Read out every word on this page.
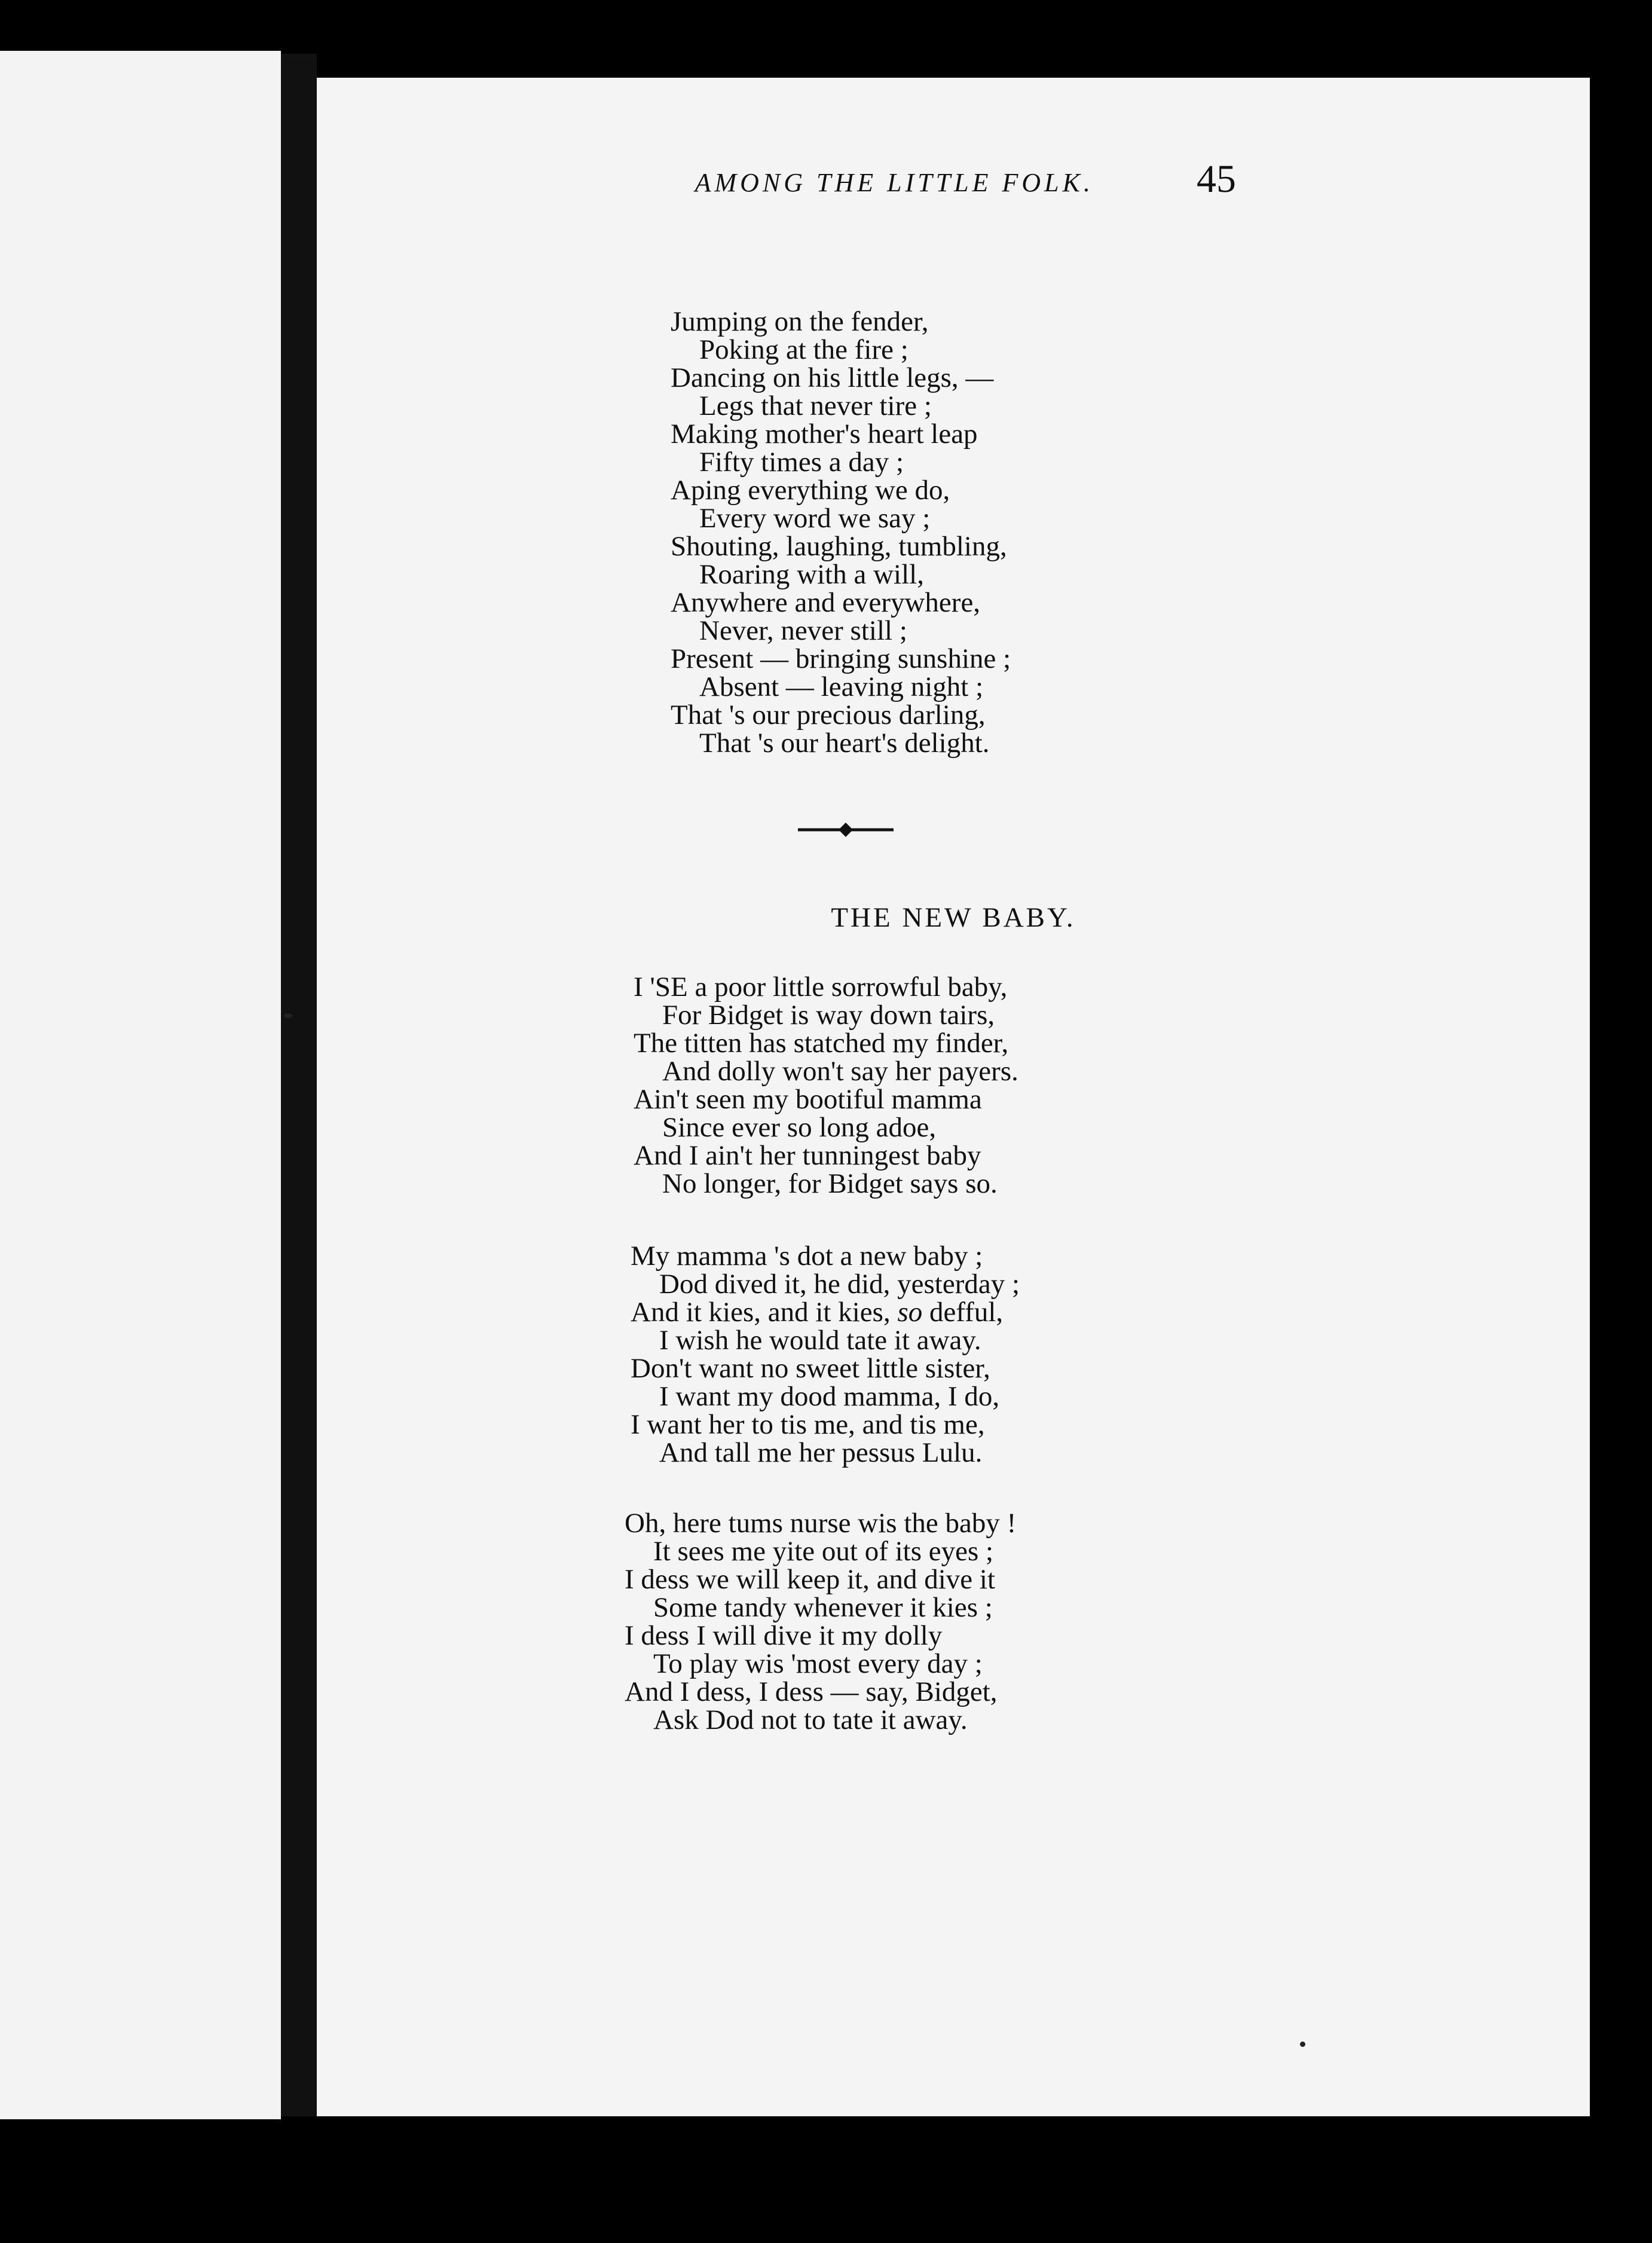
AMONG THE LITTLE FOLK.	45
Jumping on the fender,
Poking at the fire ;
Dancing on his little legs, —
Legs that never tire ;
Making mother's heart leap
Fifty times a day ;
Aping everything we do,
Every word we say ;
Shouting, laughing, tumbling,
Roaring with a will,
Anywhere and everywhere,
Never, never still ;
Present — bringing sunshine ;
Absent — leaving night ;
That 's our precious darling,
That 's our heart's delight.
THE NEW BABY.
I 'SE a poor little sorrowful baby,
For Bidget is way down tairs,
The titten has statched my finder,
And dolly won't say her payers.
Ain't seen my bootiful mamma
Since ever so long adoe,
And I ain't her tunningest baby
No longer, for Bidget says so.
My mamma 's dot a new baby ;
Dod dived it, he did, yesterday ;
And it kies, and it kies, so defful,
I wish he would tate it away.
Don't want no sweet little sister,
I want my dood mamma, I do,
I want her to tis me, and tis me,
And tall me her pessus Lulu.
Oh, here tums nurse wis the baby !
It sees me yite out of its eyes ;
I dess we will keep it, and dive it
Some tandy whenever it kies ;
I dess I will dive it my dolly
To play wis 'most every day ;
And I dess, I dess — say, Bidget,
Ask Dod not to tate it away.
